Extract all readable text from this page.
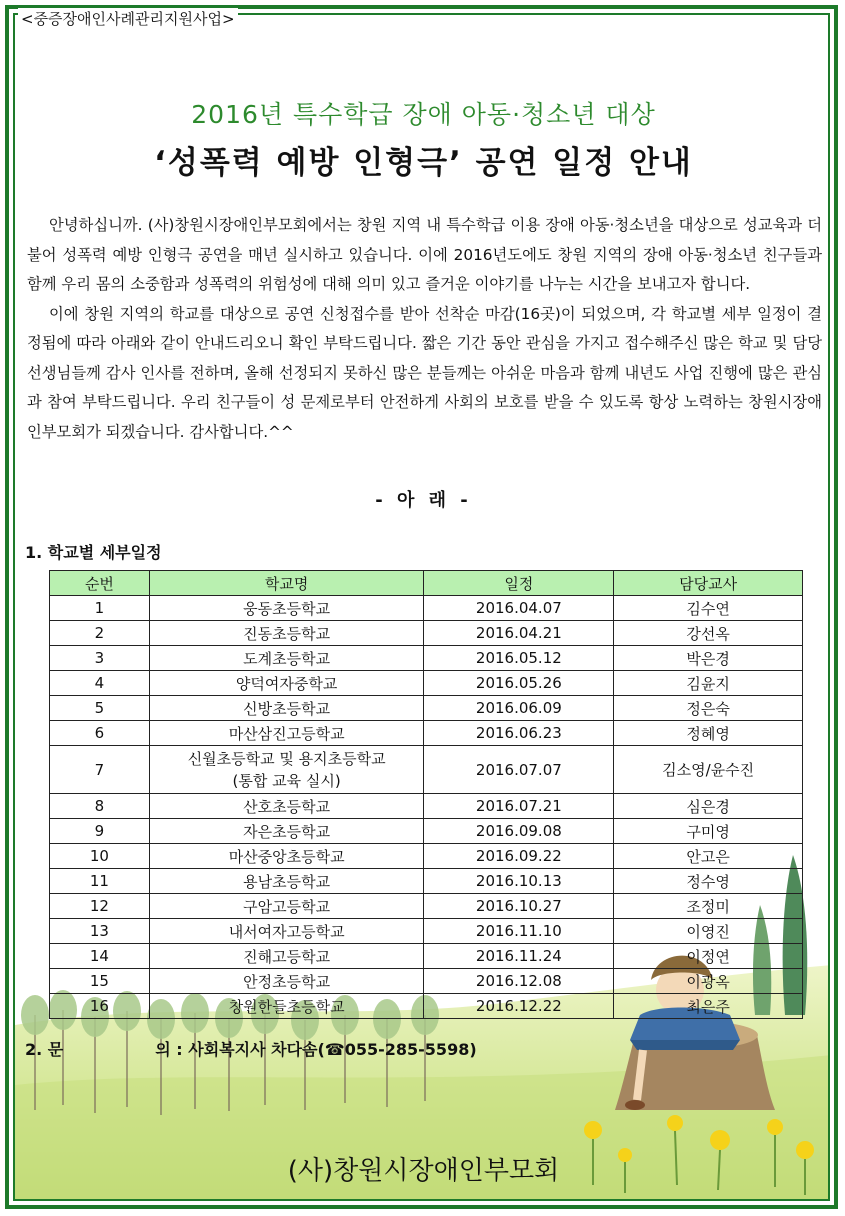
<중증장애인사례관리지원사업>
2016년 특수학급 장애 아동·청소년 대상
‘성폭력 예방 인형극’ 공연 일정 안내

안녕하십니까. (사)창원시장애인부모회에서는 창원 지역 내 특수학급 이용 장애 아동·청소년을 대상으로 성교육과 더불어 성폭력 예방 인형극 공연을 매년 실시하고 있습니다. 이에 2016년도에도 창원 지역의 장애 아동·청소년 친구들과 함께 우리 몸의 소중함과 성폭력의 위험성에 대해 의미 있고 즐거운 이야기를 나누는 시간을 보내고자 합니다.

이에 창원 지역의 학교를 대상으로 공연 신청접수를 받아 선착순 마감(16곳)이 되었으며, 각 학교별 세부 일정이 결정됨에 따라 아래와 같이 안내드리오니 확인 부탁드립니다. 짧은 기간 동안 관심을 가지고 접수해주신 많은 학교 및 담당 선생님들께 감사 인사를 전하며, 올해 선정되지 못하신 많은 분들께는 아쉬운 마음과 함께 내년도 사업 진행에 많은 관심과 참여 부탁드립니다. 우리 친구들이 성 문제로부터 안전하게 사회의 보호를 받을 수 있도록 항상 노력하는 창원시장애인부모회가 되겠습니다. 감사합니다.^^

- 아 래 -
1. 학교별 세부일정
순번	학교명	일정	담당교사
1	웅동초등학교	2016.04.07	김수연
2	진동초등학교	2016.04.21	강선옥
3	도계초등학교	2016.05.12	박은경
4	양덕여자중학교	2016.05.26	김윤지
5	신방초등학교	2016.06.09	정은숙
6	마산삼진고등학교	2016.06.23	정혜영
7	신월초등학교 및 용지초등학교
(통합 교육 실시)	2016.07.07	김소영/윤수진
8	산호초등학교	2016.07.21	심은경
9	자은초등학교	2016.09.08	구미영
10	마산중앙초등학교	2016.09.22	안고은
11	용남초등학교	2016.10.13	정수영
12	구암고등학교	2016.10.27	조정미
13	내서여자고등학교	2016.11.10	이영진
14	진해고등학교	2016.11.24	이정연
15	안정초등학교	2016.12.08	이광옥
16	창원한들초등학교	2016.12.22	최은주
2. 문	의 : 사회복지사 차다솜(☎055-285-5598)
(사)창원시장애인부모회
